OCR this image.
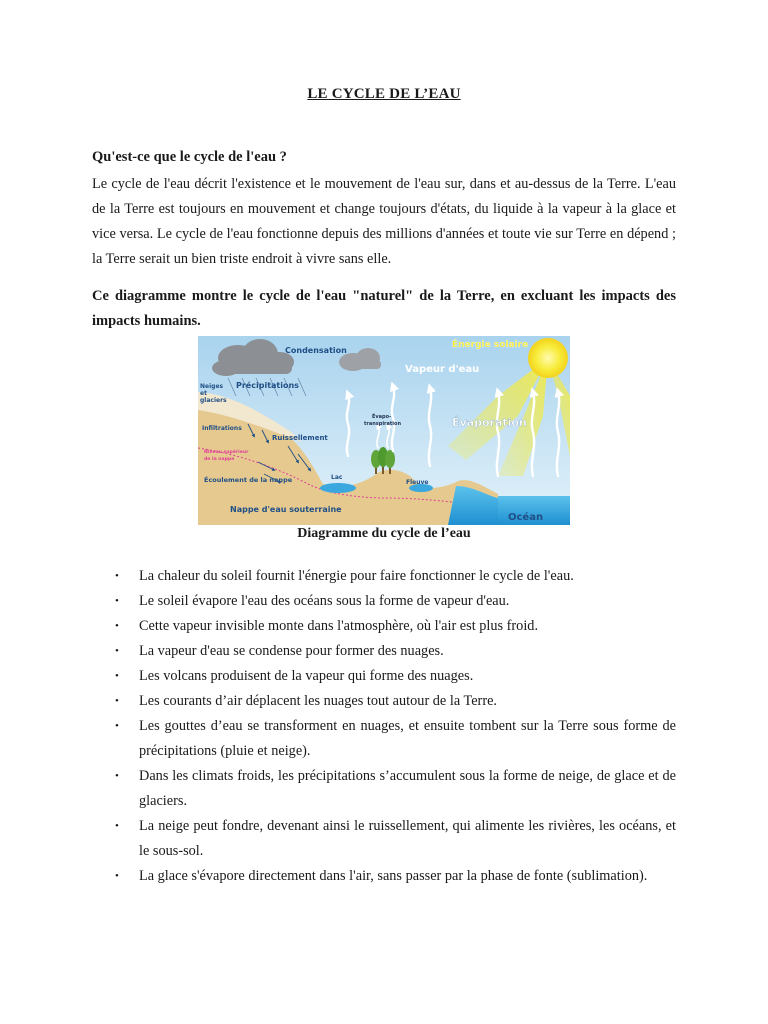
LE CYCLE DE L’EAU
Qu'est-ce que le cycle de l'eau ?

Le cycle de l'eau décrit l'existence et le mouvement de l'eau sur, dans et au-dessus de la Terre. L'eau de la Terre est toujours en mouvement et change toujours d'états, du liquide à la vapeur à la glace et vice versa. Le cycle de l'eau fonctionne depuis des millions d'années et toute vie sur Terre en dépend ; la Terre serait un bien triste endroit à vivre sans elle.

Ce diagramme montre le cycle de l'eau "naturel" de la Terre, en excluant les impacts des impacts humains.

Condensation
Énergie solaire
Vapeur d'eau
Précipitations
Neiges
et
glaciers
Évapo-
transpiration	Évaporation
Infiltrations
Ruissellement
Niveau supérieur
de la nappe
Lac
Fleuve
Écoulement de la nappe
Nappe d'eau souterraine
Océan
Diagramme du cycle de l’eau
• La chaleur du soleil fournit l'énergie pour faire fonctionner le cycle de l'eau.
• Le soleil évapore l'eau des océans sous la forme de vapeur d'eau.
• Cette vapeur invisible monte dans l'atmosphère, où l'air est plus froid.
• La vapeur d'eau se condense pour former des nuages.
• Les volcans produisent de la vapeur qui forme des nuages.
• Les courants d’air déplacent les nuages tout autour de la Terre.
• Les gouttes d’eau se transforment en nuages, et ensuite tombent sur la Terre sous forme de précipitations (pluie et neige).
• Dans les climats froids, les précipitations s’accumulent sous la forme de neige, de glace et de glaciers.
• La neige peut fondre, devenant ainsi le ruissellement, qui alimente les rivières, les océans, et le sous-sol.
• La glace s'évapore directement dans l'air, sans passer par la phase de fonte (sublimation).
